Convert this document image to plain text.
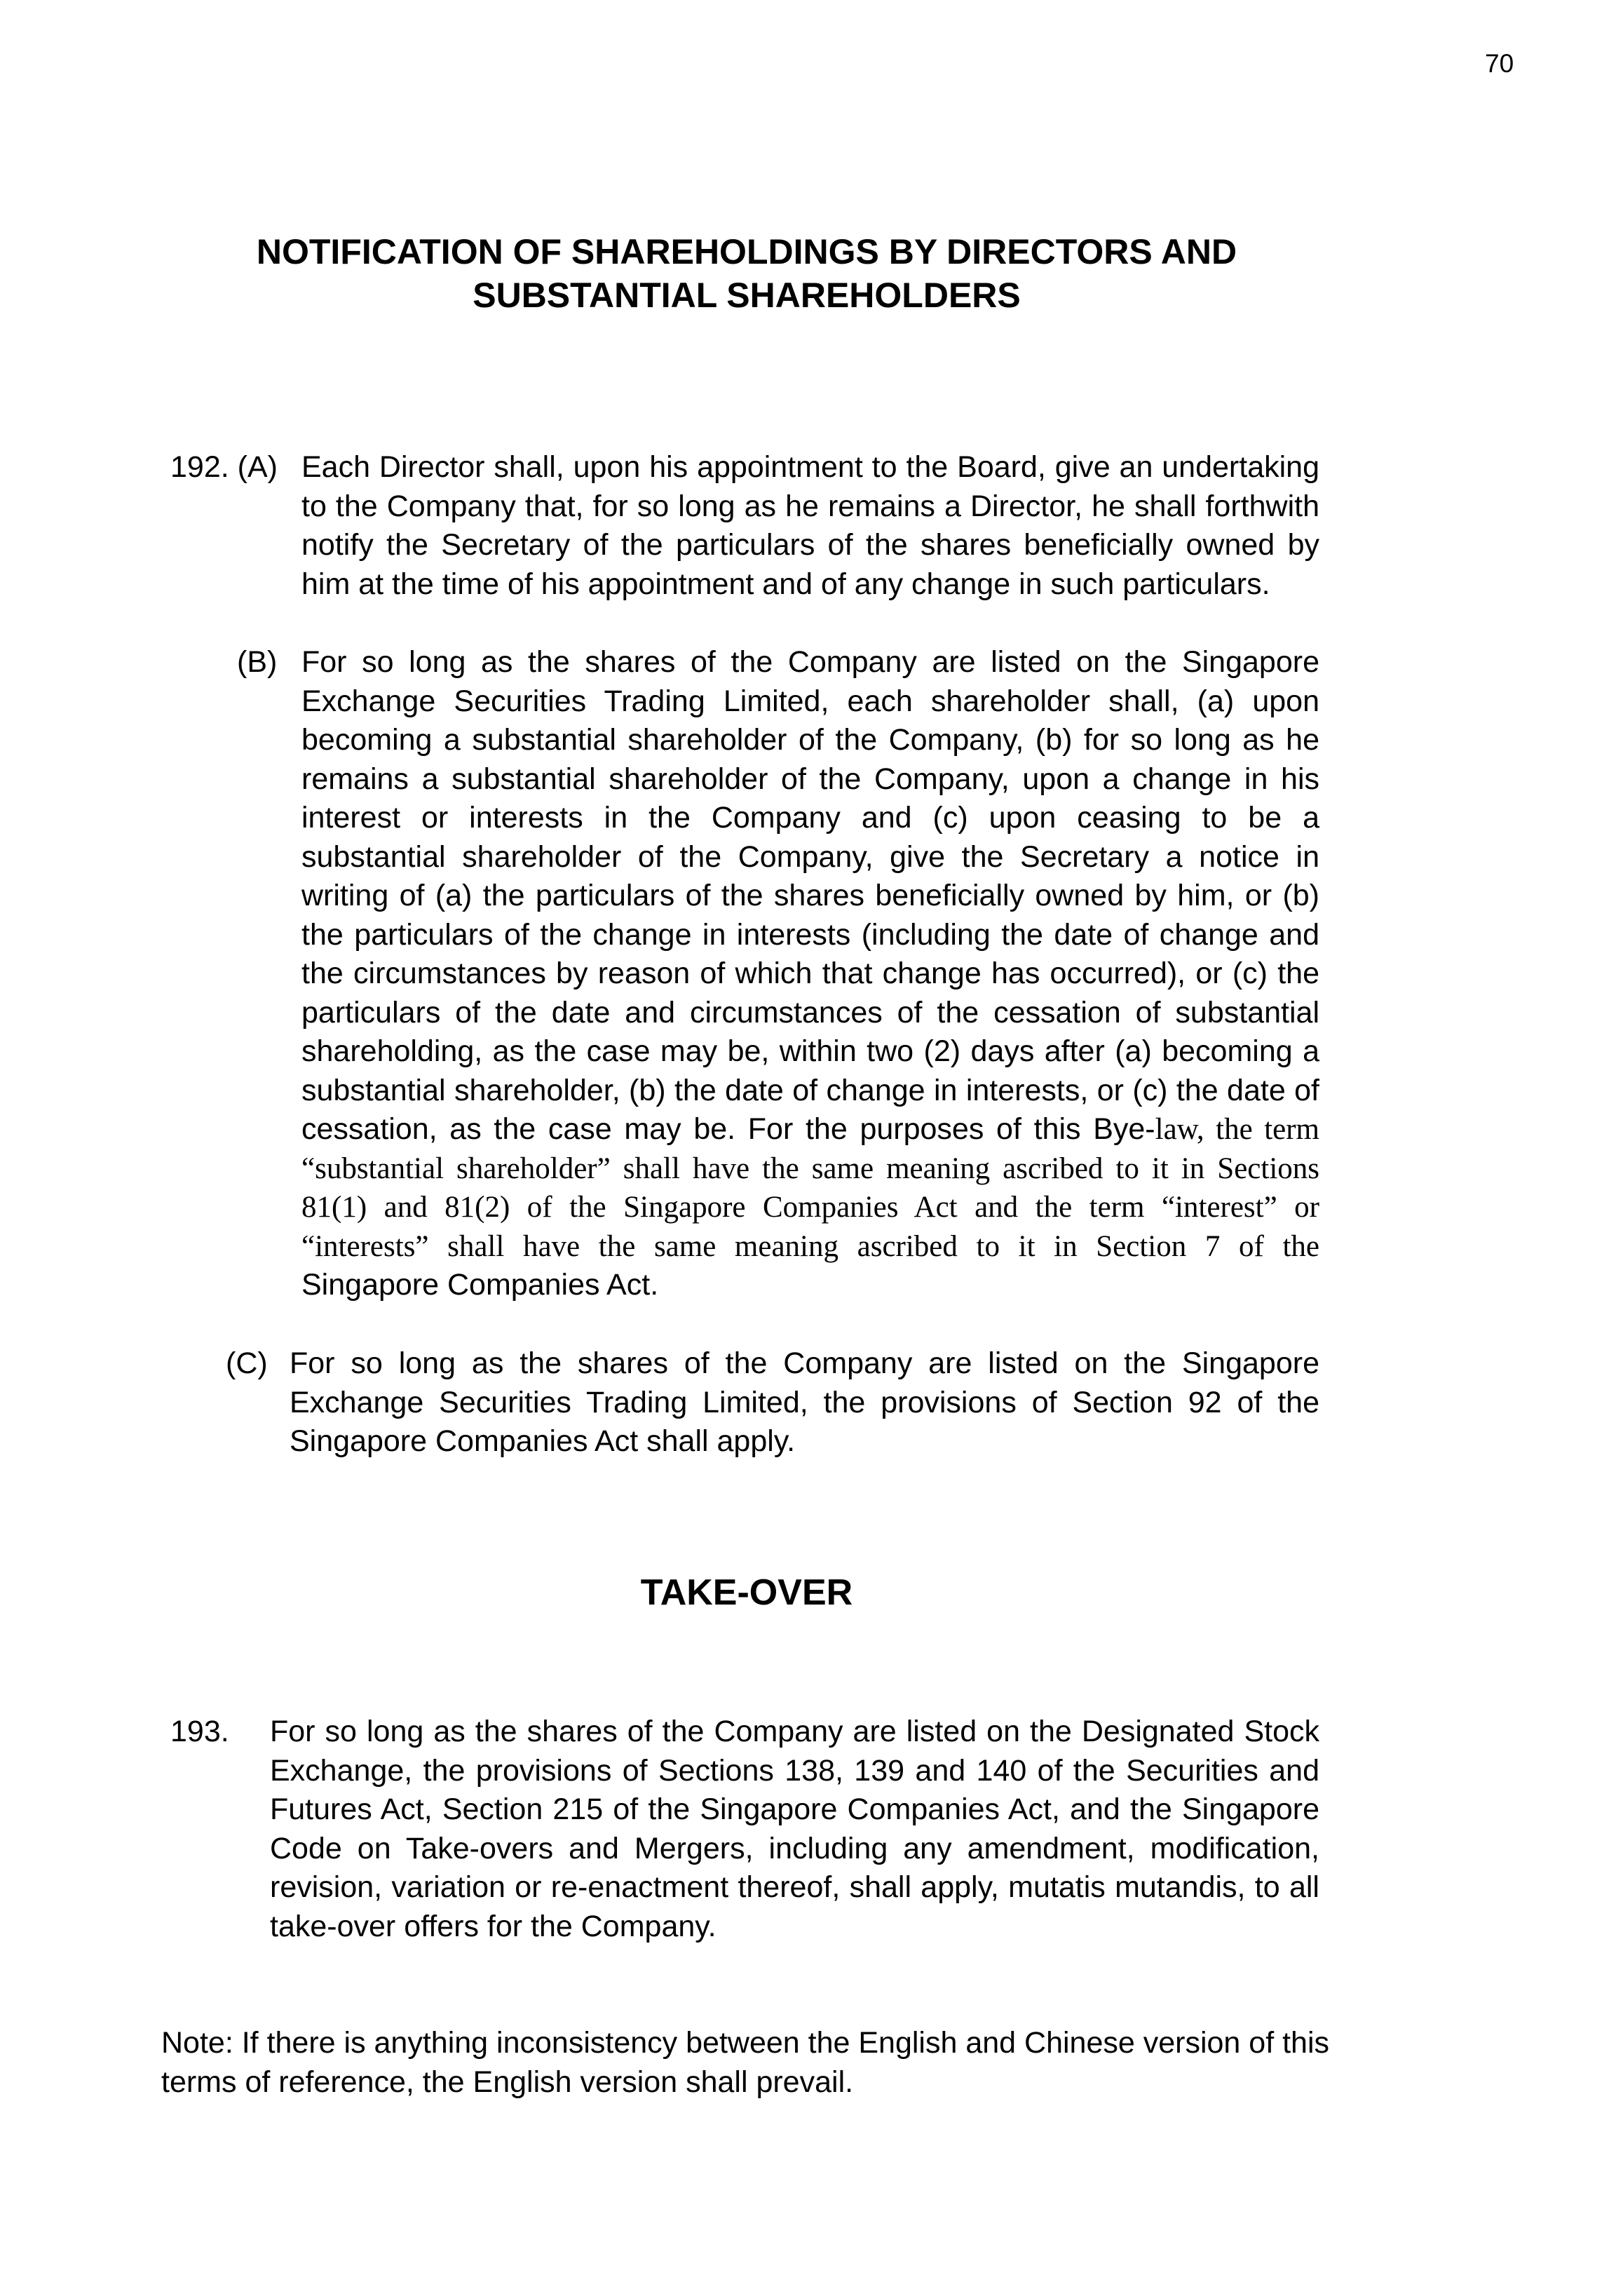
70
NOTIFICATION OF SHAREHOLDINGS BY DIRECTORS AND
SUBSTANTIAL SHAREHOLDERS
192. (A) Each Director shall, upon his appointment to the Board, give an undertaking to the Company that, for so long as he remains a Director, he shall forthwith notify the Secretary of the particulars of the shares beneficially owned by him at the time of his appointment and of any change in such particulars.
(B) For so long as the shares of the Company are listed on the Singapore Exchange Securities Trading Limited, each shareholder shall, (a) upon becoming a substantial shareholder of the Company, (b) for so long as he remains a substantial shareholder of the Company, upon a change in his interest or interests in the Company and (c) upon ceasing to be a substantial shareholder of the Company, give the Secretary a notice in writing of (a) the particulars of the shares beneficially owned by him, or (b) the particulars of the change in interests (including the date of change and the circumstances by reason of which that change has occurred), or (c) the particulars of the date and circumstances of the cessation of substantial shareholding, as the case may be, within two (2) days after (a) becoming a substantial shareholder, (b) the date of change in interests, or (c) the date of cessation, as the case may be. For the purposes of this Bye-law, the term “substantial shareholder” shall have the same meaning ascribed to it in Sections 81(1) and 81(2) of the Singapore Companies Act and the term “interest” or “interests” shall have the same meaning ascribed to it in Section 7 of the Singapore Companies Act.
(C) For so long as the shares of the Company are listed on the Singapore Exchange Securities Trading Limited, the provisions of Section 92 of the Singapore Companies Act shall apply.
TAKE-OVER
193. For so long as the shares of the Company are listed on the Designated Stock Exchange, the provisions of Sections 138, 139 and 140 of the Securities and Futures Act, Section 215 of the Singapore Companies Act, and the Singapore Code on Take-overs and Mergers, including any amendment, modification, revision, variation or re-enactment thereof, shall apply, mutatis mutandis, to all take-over offers for the Company.
Note: If there is anything inconsistency between the English and Chinese version of this terms of reference, the English version shall prevail.
